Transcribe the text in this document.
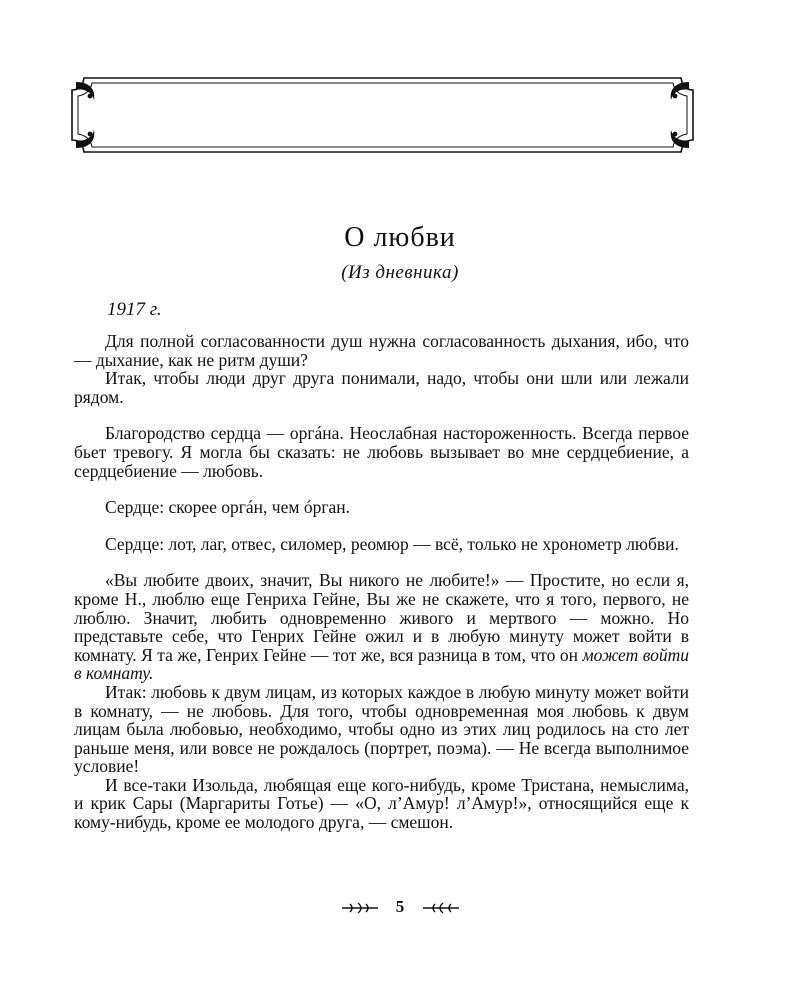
О любви
(Из дневника)
1917 г.

Для полной согласованности душ нужна согласованность дыхания, ибо, что — дыхание, как не ритм души?

Итак, чтобы люди друг друга понимали, надо, чтобы они шли или лежали рядом.

Благородство сердца — оргáна. Неослабная настороженность. Всегда первое бьет тревогу. Я могла бы сказать: не любовь вызывает во мне сердцебиение, а сердцебиение — любовь.

Сердце: скорее оргáн, чем óрган.

Сердце: лот, лаг, отвес, силомер, реомюр — всё, только не хронометр любви.

«Вы любите двоих, значит, Вы никого не любите!» — Простите, но если я, кроме Н., люблю еще Генриха Гейне, Вы же не скажете, что я того, первого, не люблю. Значит, любить одновременно живого и мертвого — можно. Но представьте себе, что Генрих Гейне ожил и в любую минуту может войти в комнату. Я та же, Генрих Гейне — тот же, вся разница в том, что он может войти в комнату.

Итак: любовь к двум лицам, из которых каждое в любую минуту может войти в комнату, — не любовь. Для того, чтобы одновременная моя любовь к двум лицам была любовью, необходимо, чтобы одно из этих лиц родилось на сто лет раньше меня, или вовсе не рождалось (портрет, поэма). — Не всегда выполнимое условие!

И все-таки Изольда, любящая еще кого-нибудь, кроме Тристана, немыслима, и крик Сары (Маргариты Готье) — «О, л’Амур! л’Амур!», относящийся еще к кому-нибудь, кроме ее молодого друга, — смешон.

5
